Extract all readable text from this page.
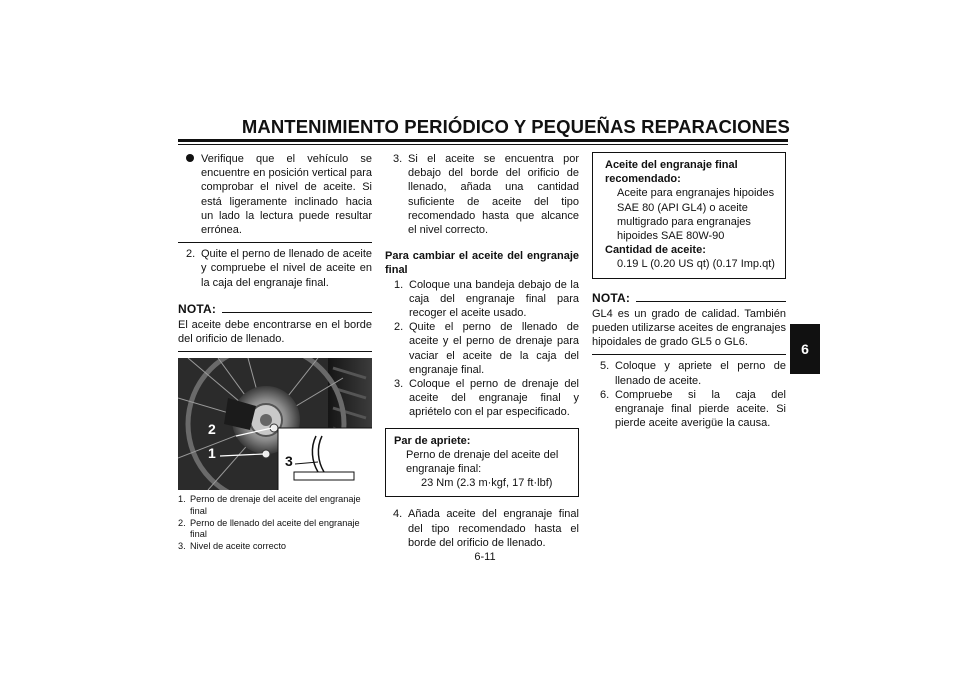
MANTENIMIENTO PERIÓDICO Y PEQUEÑAS REPARACIONES
6
Verifique que el vehículo se encuentre en posición vertical para comprobar el nivel de aceite. Si está ligeramente inclinado hacia un lado la lectura puede resultar errónea.
2. Quite el perno de llenado de aceite y compruebe el nivel de aceite en la caja del engranaje final.
NOTA:
El aceite debe encontrarse en el borde del orificio de llenado.
2
1	3
1. Perno de drenaje del aceite del engranaje final
2. Perno de llenado del aceite del engranaje final
3. Nivel de aceite correcto
3. Si el aceite se encuentra por debajo del borde del orificio de llenado, añada una cantidad suficiente de aceite del tipo recomendado hasta que alcance el nivel correcto.
Para cambiar el aceite del engranaje final
1. Coloque una bandeja debajo de la caja del engranaje final para recoger el aceite usado.
2. Quite el perno de llenado de aceite y el perno de drenaje para vaciar el aceite de la caja del engranaje final.
3. Coloque el perno de drenaje del aceite del engranaje final y apriételo con el par especificado.
Par de apriete:
Perno de drenaje del aceite del engranaje final:
23 Nm (2.3 m·kgf, 17 ft·lbf)
4. Añada aceite del engranaje final del tipo recomendado hasta el borde del orificio de llenado.
Aceite del engranaje final recomendado:
Aceite para engranajes hipoides SAE 80 (API GL4) o aceite multigrado para engranajes hipoides SAE 80W-90
Cantidad de aceite:
0.19 L (0.20 US qt) (0.17 Imp.qt)
NOTA:
GL4 es un grado de calidad. También pueden utilizarse aceites de engranajes hipoidales de grado GL5 o GL6.
5. Coloque y apriete el perno de llenado de aceite.
6. Compruebe si la caja del engranaje final pierde aceite. Si pierde aceite averigüe la causa.
6-11
